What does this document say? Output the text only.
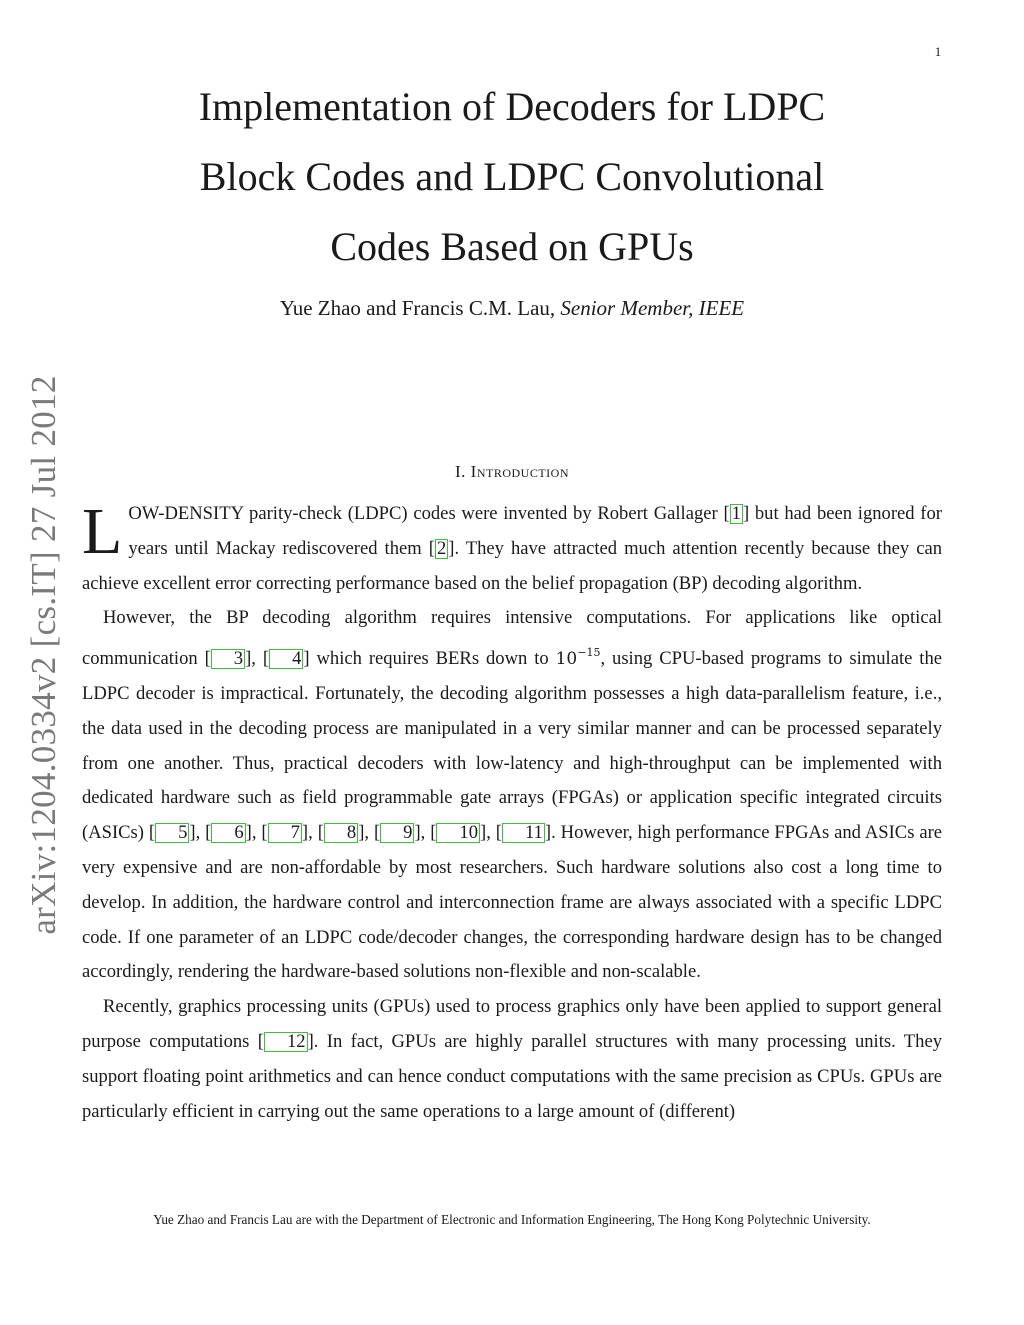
1
arXiv:1204.0334v2 [cs.IT] 27 Jul 2012
Implementation of Decoders for LDPC
Block Codes and LDPC Convolutional
Codes Based on GPUs
Yue Zhao and Francis C.M. Lau, Senior Member, IEEE
I. Introduction

LOW-DENSITY parity-check (LDPC) codes were invented by Robert Gallager [ 1 ] but had been ignored for years until Mackay rediscovered them [ 2 ]. They have attracted much attention recently because they can achieve excellent error correcting performance based on the belief propagation (BP) decoding algorithm.

However, the BP decoding algorithm requires intensive computations. For applications like optical communication [ 3 ], [ 4 ] which requires BERs down to $10^{-15}$, using CPU-based programs to simulate the LDPC decoder is impractical. Fortunately, the decoding algorithm possesses a high data-parallelism feature, i.e., the data used in the decoding process are manipulated in a very similar manner and can be processed separately from one another. Thus, practical decoders with low-latency and high-throughput can be implemented with dedicated hardware such as field programmable gate arrays (FPGAs) or application specific integrated circuits (ASICs) [ 5 ], [ 6 ], [ 7 ], [ 8 ], [ 9 ], [ 10 ], [ 11 ]. However, high performance FPGAs and ASICs are very expensive and are non-affordable by most researchers. Such hardware solutions also cost a long time to develop. In addition, the hardware control and interconnection frame are always associated with a specific LDPC code. If one parameter of an LDPC code/decoder changes, the corresponding hardware design has to be changed accordingly, rendering the hardware-based solutions non-flexible and non-scalable.

Recently, graphics processing units (GPUs) used to process graphics only have been applied to support general purpose computations [ 12 ]. In fact, GPUs are highly parallel structures with many processing units. They support floating point arithmetics and can hence conduct computations with the same precision as CPUs. GPUs are particularly efficient in carrying out the same operations to a large amount of (different)

Yue Zhao and Francis Lau are with the Department of Electronic and Information Engineering, The Hong Kong Polytechnic University.
